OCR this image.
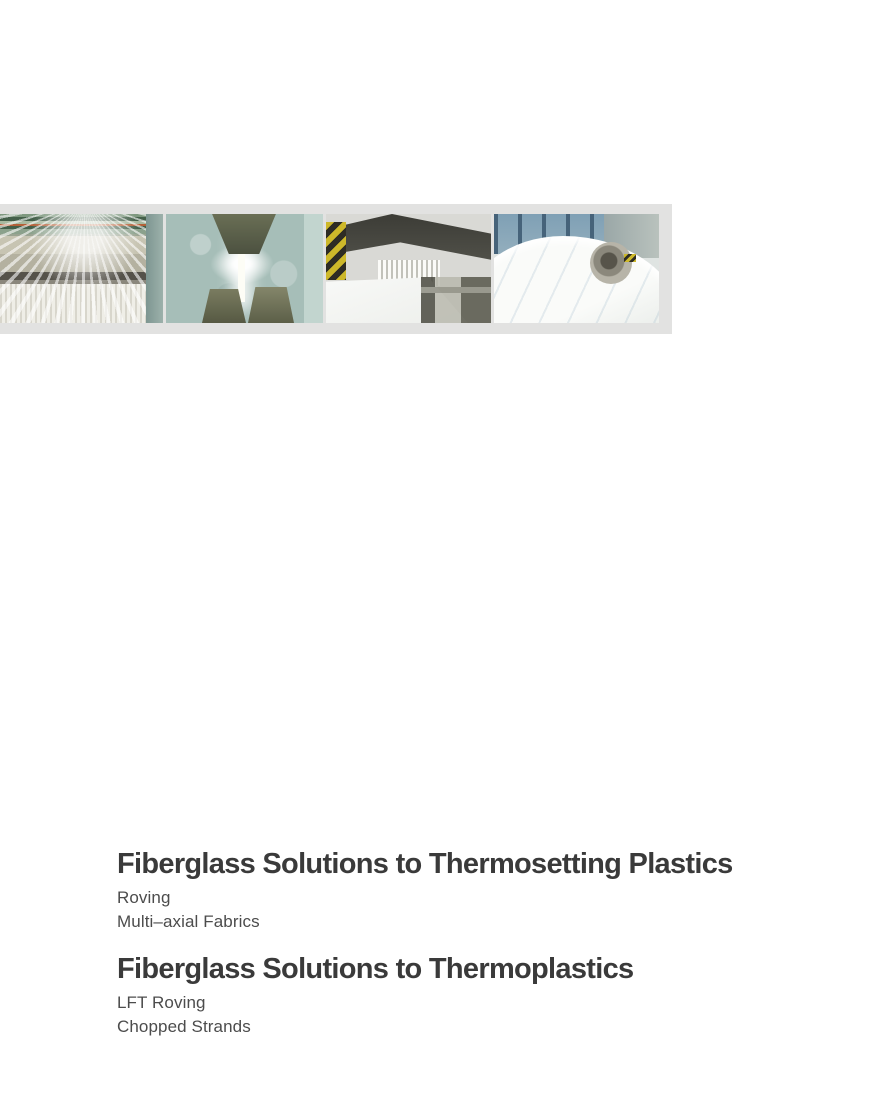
Fiberglass Solutions to Thermosetting Plastics
Roving
Multi–axial Fabrics
Fiberglass Solutions to Thermoplastics
LFT Roving
Chopped Strands
